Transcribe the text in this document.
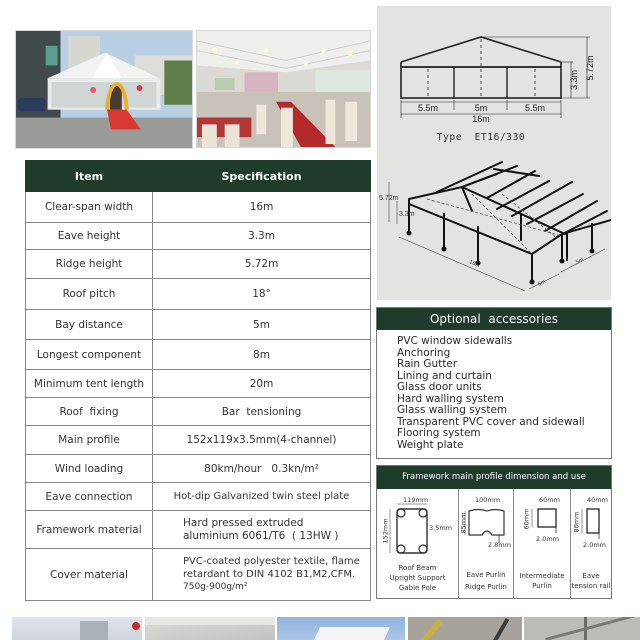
5.5m	5m	5.5m
16m
3.3m 5.72m
Type  ET16/330
5.72m
3.3m
16m
5m
5m
Item	Specification
Clear-span width	16m
Eave height	3.3m
Ridge height	5.72m
Roof pitch	18°
Bay distance	5m
Longest component	8m
Minimum tent length	20m
Roof  fixing	Bar  tensioning
Main profile	152x119x3.5mm(4-channel)
Wind loading	80km/hour   0.3kn/m²
Eave connection	Hot-dip Galvanized twin steel plate
Framework material	Hard pressed extruded
aluminium 6061/T6  ( 13HW )

Cover material	PVC-coated polyester textile, flame
retardant to DIN 4102 B1,M2,CFM.
750g-900g/m²
Optional  accessories
PVC window sidewalls
Anchoring
Rain Gutter
Lining and curtain
Glass door units
Hard walling system
Glass walling system
Transparent PVC cover and sidewall
Flooring system
Weight plate
Framework main profile dimension and use
119mm
152mm	3.5mm
Roof Beam
Upright Support
Gable Pole
100mm
85mm
2.8mm
Eave Purlin
Ridge Purlin
60mm
60mm
2.0mm
Intermediate
Purlin
40mm
80mm
2.0mm
Eave
tension rail
